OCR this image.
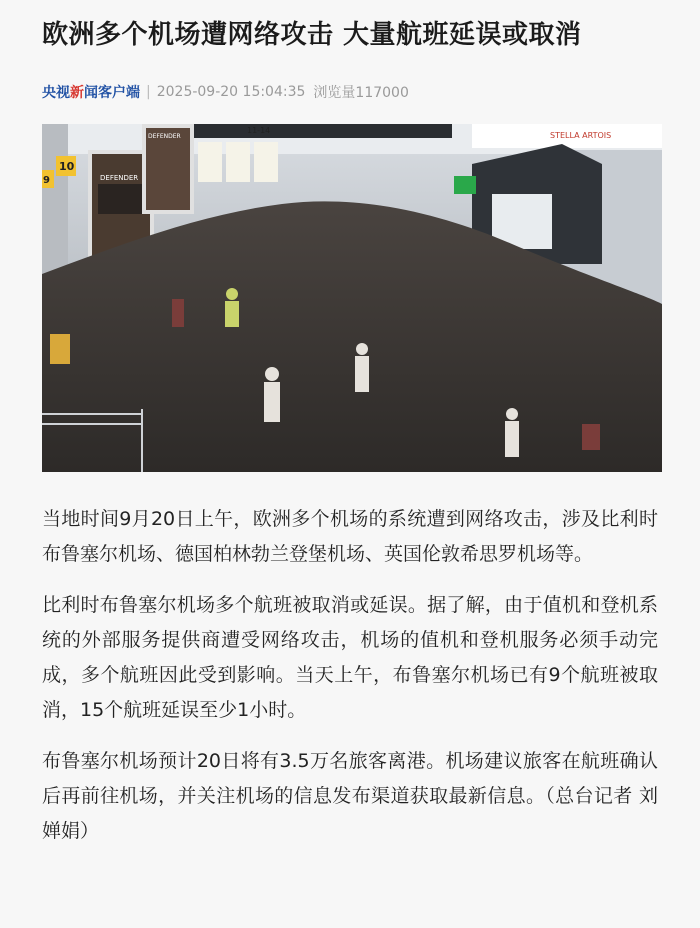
欧洲多个机场遭网络攻击 大量航班延误或取消
央视新闻客户端 | 2025-09-20 15:04:35 浏览量117000
DEFENDER
DEFENDER
11-14
STELLA ARTOIS
10
9

当地时间9月20日上午，欧洲多个机场的系统遭到网络攻击，涉及比利时布鲁塞尔机场、德国柏林勃兰登堡机场、英国伦敦希思罗机场等。

比利时布鲁塞尔机场多个航班被取消或延误。据了解，由于值机和登机系统的外部服务提供商遭受网络攻击，机场的值机和登机服务必须手动完成，多个航班因此受到影响。当天上午，布鲁塞尔机场已有9个航班被取消，15个航班延误至少1小时。

布鲁塞尔机场预计20日将有3.5万名旅客离港。机场建议旅客在航班确认后再前往机场，并关注机场的信息发布渠道获取最新信息。（总台记者 刘婵娟）
